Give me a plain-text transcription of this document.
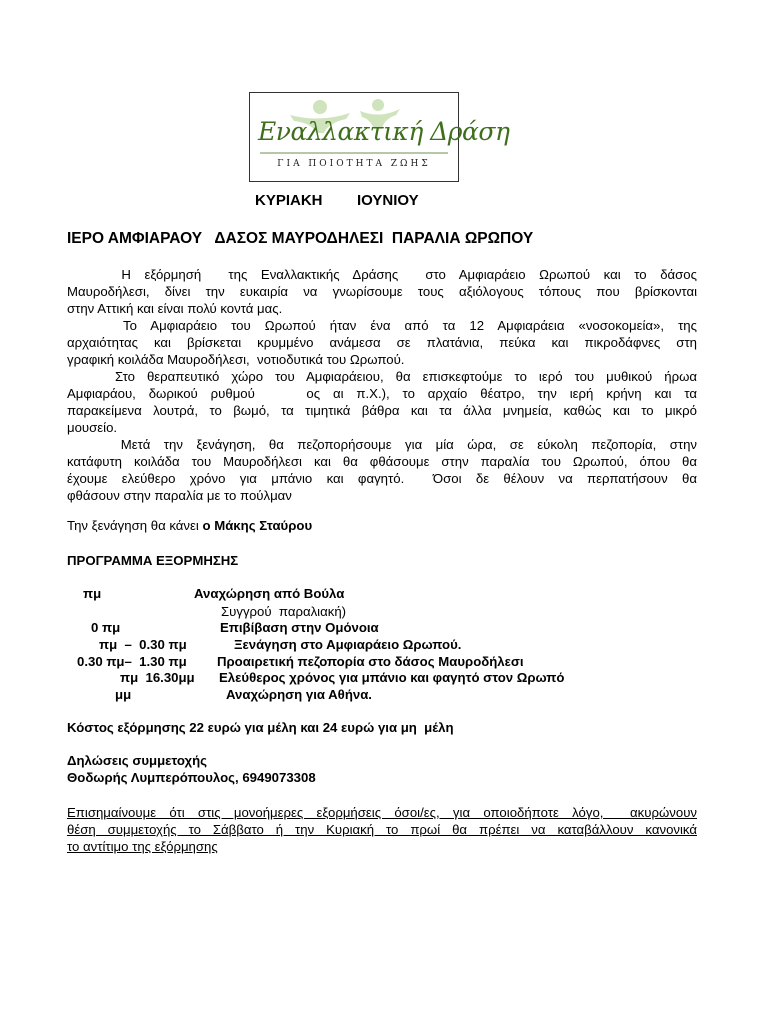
Εναλλακτική Δράση
ΓΙΑ ΠΟΙΟΤΗΤΑ ΖΩΗΣ
ΚΥΡΙΑΚΗ ΙΟΥΝΙΟΥ
ΙΕΡΟ ΑΜΦΙΑΡΑΟΥ   ΔΑΣΟΣ ΜΑΥΡΟΔΗΛΕΣΙ  ΠΑΡΑΛΙΑ ΩΡΩΠΟΥ
Η εξόρμησή  της Εναλλακτικής Δράσης  στο Αμφιαράειο Ωρωπού και το δάσος
Μαυροδήλεσι, δίνει την ευκαιρία να γνωρίσουμε τους αξιόλογους τόπους που βρίσκονται
στην Αττική και είναι πολύ κοντά μας.
Το Αμφιαράειο του Ωρωπού ήταν ένα από τα 12 Αμφιαράεια «νοσοκομεία», της
αρχαιότητας και βρίσκεται κρυμμένο ανάμεσα σε πλατάνια, πεύκα και πικροδάφνες στη
γραφική κοιλάδα Μαυροδήλεσι,  νοτιοδυτικά του Ωρωπού.
Στο θεραπευτικό χώρο του Αμφιαράειου, θα επισκεφτούμε το ιερό του μυθικού ήρωα
Αμφιαράου, δωρικού ρυθμού    ος αι π.Χ.), το αρχαίο θέατρο, την ιερή κρήνη και τα
παρακείμενα λουτρά, το βωμό, τα τιμητικά βάθρα και τα άλλα μνημεία, καθώς και το μικρό
μουσείο.
Μετά την ξενάγηση, θα πεζοπορήσουμε για μία ώρα, σε εύκολη πεζοπορία, στην
κατάφυτη κοιλάδα του Μαυροδήλεσι και θα φθάσουμε στην παραλία του Ωρωπού, όπου θα
έχουμε ελεύθερο χρόνο για μπάνιο και φαγητό.  Όσοι δε θέλουν να περπατήσουν θα
φθάσουν στην παραλία με το πούλμαν
Την ξενάγηση θα κάνει ο Μάκης Σταύρου
ΠΡΟΓΡΑΜΜΑ ΕΞΟΡΜΗΣΗΣ
πμ	Αναχώρηση από Βούλα
Συγγρού  παραλιακή)
0 πμ	Επιβίβαση στην Ομόνοια
πμ  –  0.30 πμ	Ξενάγηση στο Αμφιαράειο Ωρωπού.
0.30 πμ–  1.30 πμ Προαιρετική πεζοπορία στο δάσος Μαυροδήλεσι
πμ  16.30μμ Ελεύθερος χρόνος για μπάνιο και φαγητό στον Ωρωπό
μμ	Αναχώρηση για Αθήνα.
Κόστος εξόρμησης 22 ευρώ για μέλη και 24 ευρώ για μη  μέλη
Δηλώσεις συμμετοχής
Θοδωρής Λυμπερόπουλος, 6949073308
Επισημαίνουμε ότι στις μονοήμερες εξορμήσεις όσοι/ες, για οποιοδήποτε λόγο,  ακυρώνουν
θέση συμμετοχής το Σάββατο ή την Κυριακή το πρωί θα πρέπει να καταβάλλουν κανονικά
το αντίτιμο της εξόρμησης
